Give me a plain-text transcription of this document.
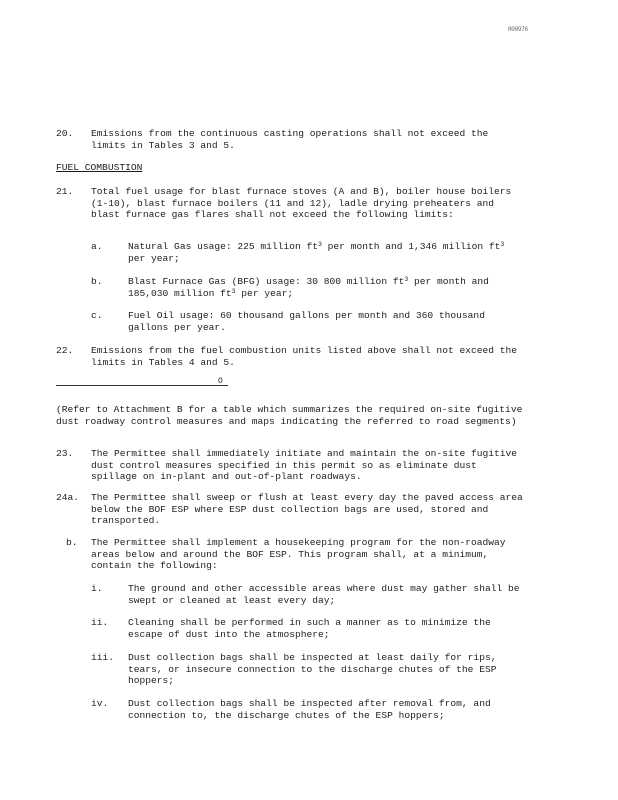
R00976
20. Emissions from the continuous casting operations shall not exceed the limits in Tables 3 and 5.
FUEL COMBUSTION
21. Total fuel usage for blast furnace stoves (A and B), boiler house boilers (1-10), blast furnace boilers (11 and 12), ladle drying preheaters and blast furnace gas flares shall not exceed the following limits:
a.	Natural Gas usage: 225 million $ft^3$ per month and 1,346 million $ft^3$ per year;
b.	Blast Furnace Gas (BFG) usage: 30 800 million $ft^3$ per month and 185,030 million $ft^3$ per year;
c.	Fuel Oil usage: 60 thousand gallons per month and 360 thousand gallons per year.
22. Emissions from the fuel combustion units listed above shall not exceed the limits in Tables 4 and 5.
O
(Refer to Attachment B for a table which summarizes the required on-site fugitive dust roadway control measures and maps indicating the referred to road segments)
23. The Permittee shall immediately initiate and maintain the on-site fugitive dust control measures specified in this permit so as eliminate dust spillage on in-plant and out-of-plant roadways.
24a. The Permittee shall sweep or flush at least every day the paved access area below the BOF ESP where ESP dust collection bags are used, stored and transported.
b. The Permittee shall implement a housekeeping program for the non-roadway areas below and around the BOF ESP. This program shall, at a minimum, contain the following:
i.	The ground and other accessible areas where dust may gather shall be swept or cleaned at least every day;
ii. Cleaning shall be performed in such a manner as to minimize the escape of dust into the atmosphere;
iii. Dust collection bags shall be inspected at least daily for rips, tears, or insecure connection to the discharge chutes of the ESP hoppers;
iv. Dust collection bags shall be inspected after removal from, and connection to, the discharge chutes of the ESP hoppers;
